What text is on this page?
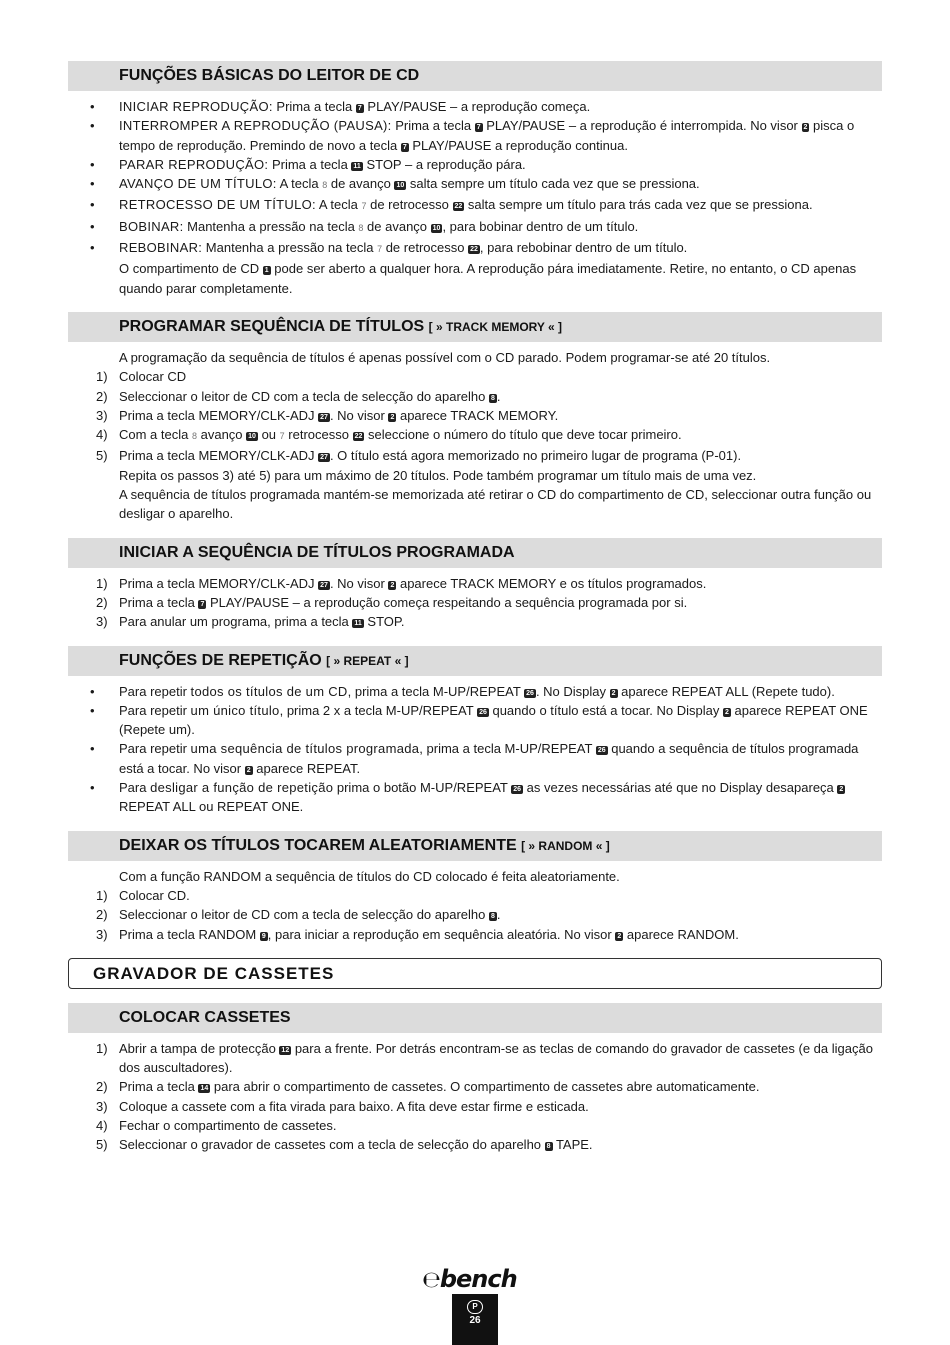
FUNÇÕES BÁSICAS DO LEITOR DE CD
• INICIAR REPRODUÇÃO: Prima a tecla 7 PLAY/PAUSE – a reprodução começa.
• INTERROMPER A REPRODUÇÃO (PAUSA): Prima a tecla 7 PLAY/PAUSE – a reprodução é interrompida. No visor 2 pisca o tempo de reprodução. Premindo de novo a tecla 7 PLAY/PAUSE a reprodução continua.
• PARAR REPRODUÇÃO: Prima a tecla 11 STOP – a reprodução pára.
• AVANÇO DE UM TÍTULO: A tecla 8 de avanço 10 salta sempre um título cada vez que se pressiona.
• RETROCESSO DE UM TÍTULO: A tecla 7 de retrocesso 22 salta sempre um título para trás cada vez que se pressiona.
• BOBINAR: Mantenha a pressão na tecla 8 de avanço 10 , para bobinar dentro de um título.
• REBOBINAR: Mantenha a pressão na tecla 7 de retrocesso 22 , para rebobinar dentro de um título.
O compartimento de CD 1 pode ser aberto a qualquer hora. A reprodução pára imediatamente. Retire, no entanto, o CD apenas quando parar completamente.
PROGRAMAR SEQUÊNCIA DE TÍTULOS [ » TRACK MEMORY « ]
A programação da sequência de títulos é apenas possível com o CD parado. Podem programar-se até 20 títulos.
1) Colocar CD
2) Seleccionar o leitor de CD com a tecla de selecção do aparelho 8 .
3) Prima a tecla MEMORY/CLK-ADJ 27 . No visor 2 aparece TRACK MEMORY.
4) Com a tecla 8 avanço 10 ou 7 retrocesso 22 seleccione o número do título que deve tocar primeiro.
5) Prima a tecla MEMORY/CLK-ADJ 27 . O título está agora memorizado no primeiro lugar de programa (P-01).
Repita os passos 3) até 5) para um máximo de 20 títulos. Pode também programar um título mais de uma vez.
A sequência de títulos programada mantém-se memorizada até retirar o CD do compartimento de CD, seleccionar outra função ou desligar o aparelho.
INICIAR A SEQUÊNCIA DE TÍTULOS PROGRAMADA
1) Prima a tecla MEMORY/CLK-ADJ 27 . No visor 2 aparece TRACK MEMORY e os títulos programados.
2) Prima a tecla 7 PLAY/PAUSE – a reprodução começa respeitando a sequência programada por si.
3) Para anular um programa, prima a tecla 11 STOP.
FUNÇÕES DE REPETIÇÃO [ » REPEAT « ]
• Para repetir todos os títulos de um CD, prima a tecla M-UP/REPEAT 26 . No Display 2 aparece REPEAT ALL (Repete tudo).
• Para repetir um único título, prima 2 x a tecla M-UP/REPEAT 26 quando o título está a tocar. No Display 2 aparece REPEAT ONE (Repete um).
• Para repetir uma sequência de títulos programada, prima a tecla M-UP/REPEAT 26 quando a sequência de títulos programada está a tocar. No visor 2 aparece REPEAT.
• Para desligar a função de repetição prima o botão M-UP/REPEAT 26 as vezes necessárias até que no Display desapareça 2 REPEAT ALL ou REPEAT ONE.
DEIXAR OS TÍTULOS TOCAREM ALEATORIAMENTE [ » RANDOM « ]
Com a função RANDOM a sequência de títulos do CD colocado é feita aleatoriamente.
1) Colocar CD.
2) Seleccionar o leitor de CD com a tecla de selecção do aparelho 8 .
3) Prima a tecla RANDOM 9 , para iniciar a reprodução em sequência aleatória. No visor 2 aparece RANDOM.
GRAVADOR DE CASSETES
COLOCAR CASSETES
1) Abrir a tampa de protecção 12 para a frente. Por detrás encontram-se as teclas de comando do gravador de cassetes (e da ligação dos auscultadores).
2) Prima a tecla 14 para abrir o compartimento de cassetes. O compartimento de cassetes abre automaticamente.
3) Coloque a cassete com a fita virada para baixo. A fita deve estar firme e esticada.
4) Fechar o compartimento de cassetes.
5) Seleccionar o gravador de cassetes com a tecla de selecção do aparelho 8 TAPE.
℮bench
P
26
